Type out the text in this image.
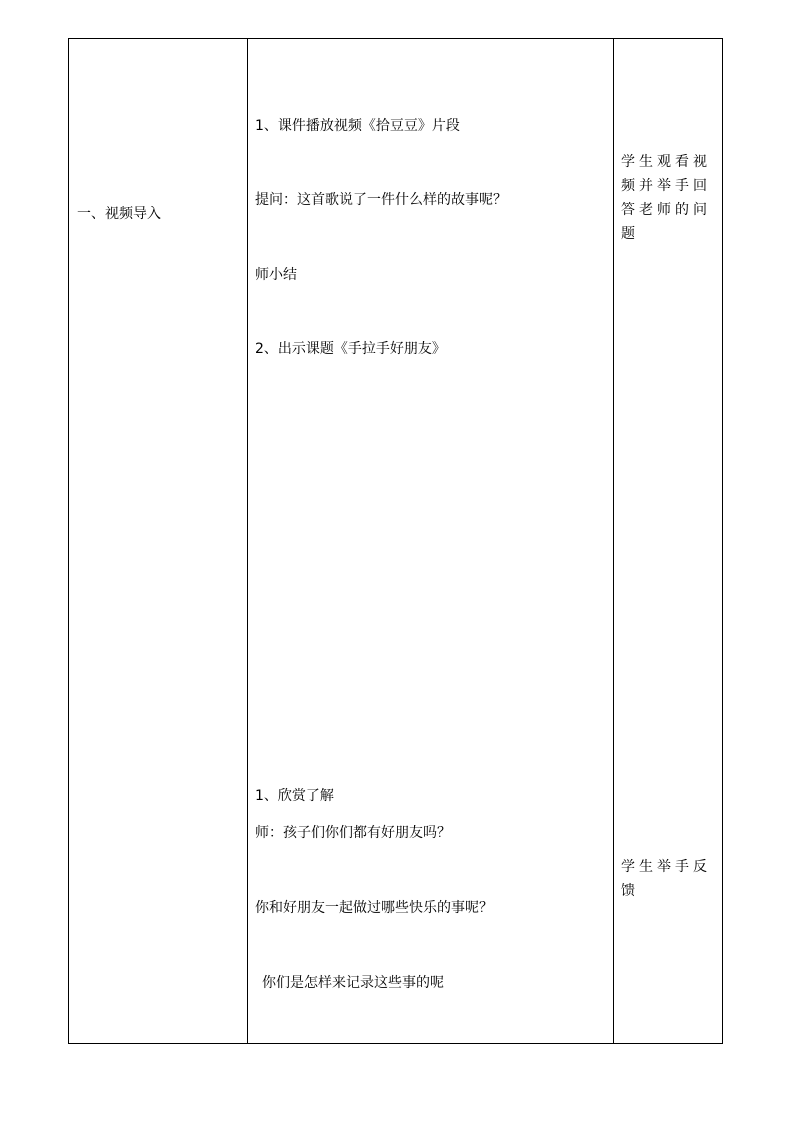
一、视频导入
1、课件播放视频《拾豆豆》片段
提问：这首歌说了一件什么样的故事呢？
师小结
2、出示课题《手拉手好朋友》
1、欣赏了解
师：孩子们你们都有好朋友吗？
你和好朋友一起做过哪些快乐的事呢？
你们是怎样来记录这些事的呢
学生观看视频并举手回答老师的问题
学生举手反馈
